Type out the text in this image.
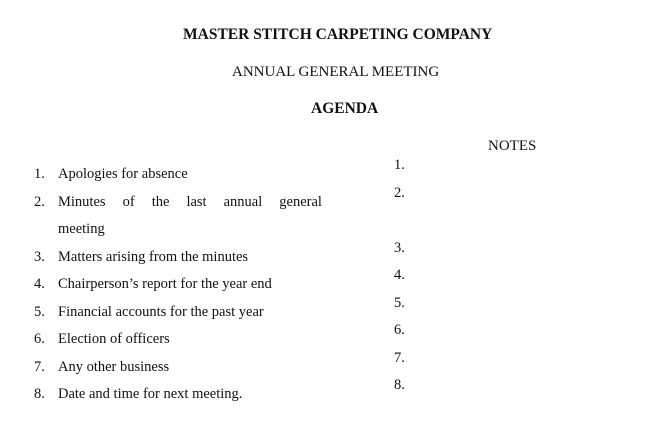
MASTER STITCH CARPETING COMPANY
ANNUAL GENERAL MEETING
AGENDA
NOTES
1. Apologies for absence
2. Minutes of the last annual general
meeting
3. Matters arising from the minutes
4. Chairperson’s report for the year end
5. Financial accounts for the past year
6. Election of officers
7. Any other business
8. Date and time for next meeting.
1.
2.
3.
4.
5.
6.
7.
8.
